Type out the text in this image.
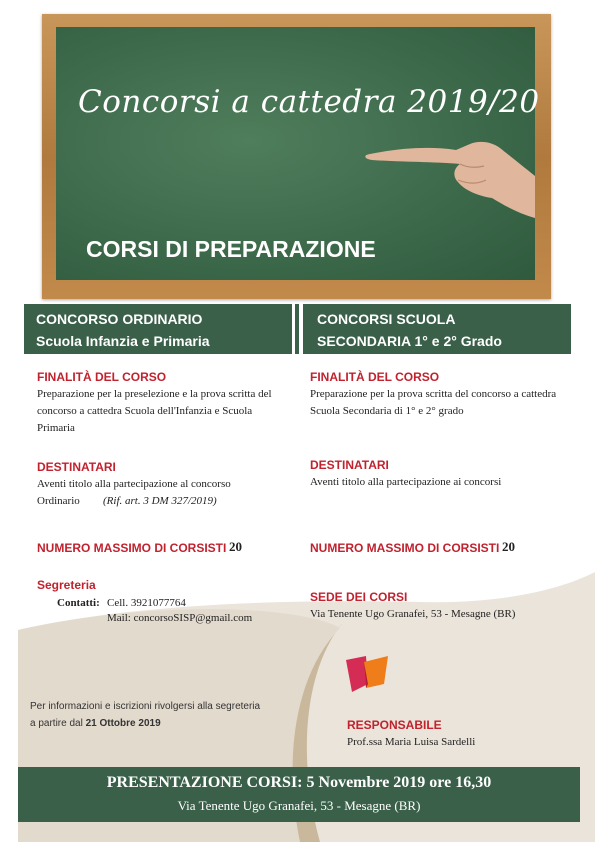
Concorsi a cattedra 2019/20
CORSI DI PREPARAZIONE
CONCORSO ORDINARIO
Scuola Infanzia e Primaria
FINALITÀ DEL CORSO
Preparazione per la preselezione e la prova scritta del concorso a cattedra Scuola dell'Infanzia e Scuola Primaria
DESTINATARI
Aventi titolo alla partecipazione al concorso
Ordinario (Rif. art. 3 DM 327/2019)
NUMERO MASSIMO DI CORSISTI 20
Segreteria
Contatti: Cell. 3921077764
Mail: concorsoSISP@gmail.com
Per informazioni e iscrizioni rivolgersi alla segreteria a partire dal 21 Ottobre 2019
CONCORSI SCUOLA
SECONDARIA 1° e 2° Grado
FINALITÀ DEL CORSO
Preparazione per la prova scritta del concorso a cattedra Scuola Secondaria di 1° e 2° grado
DESTINATARI
Aventi titolo alla partecipazione ai concorsi
NUMERO MASSIMO DI CORSISTI 20
SEDE DEI CORSI
Via Tenente Ugo Granafei, 53 - Mesagne (BR)
RESPONSABILE
Prof.ssa Maria Luisa Sardelli
PRESENTAZIONE CORSI: 5 Novembre 2019 ore 16,30
Via Tenente Ugo Granafei, 53 - Mesagne (BR)
